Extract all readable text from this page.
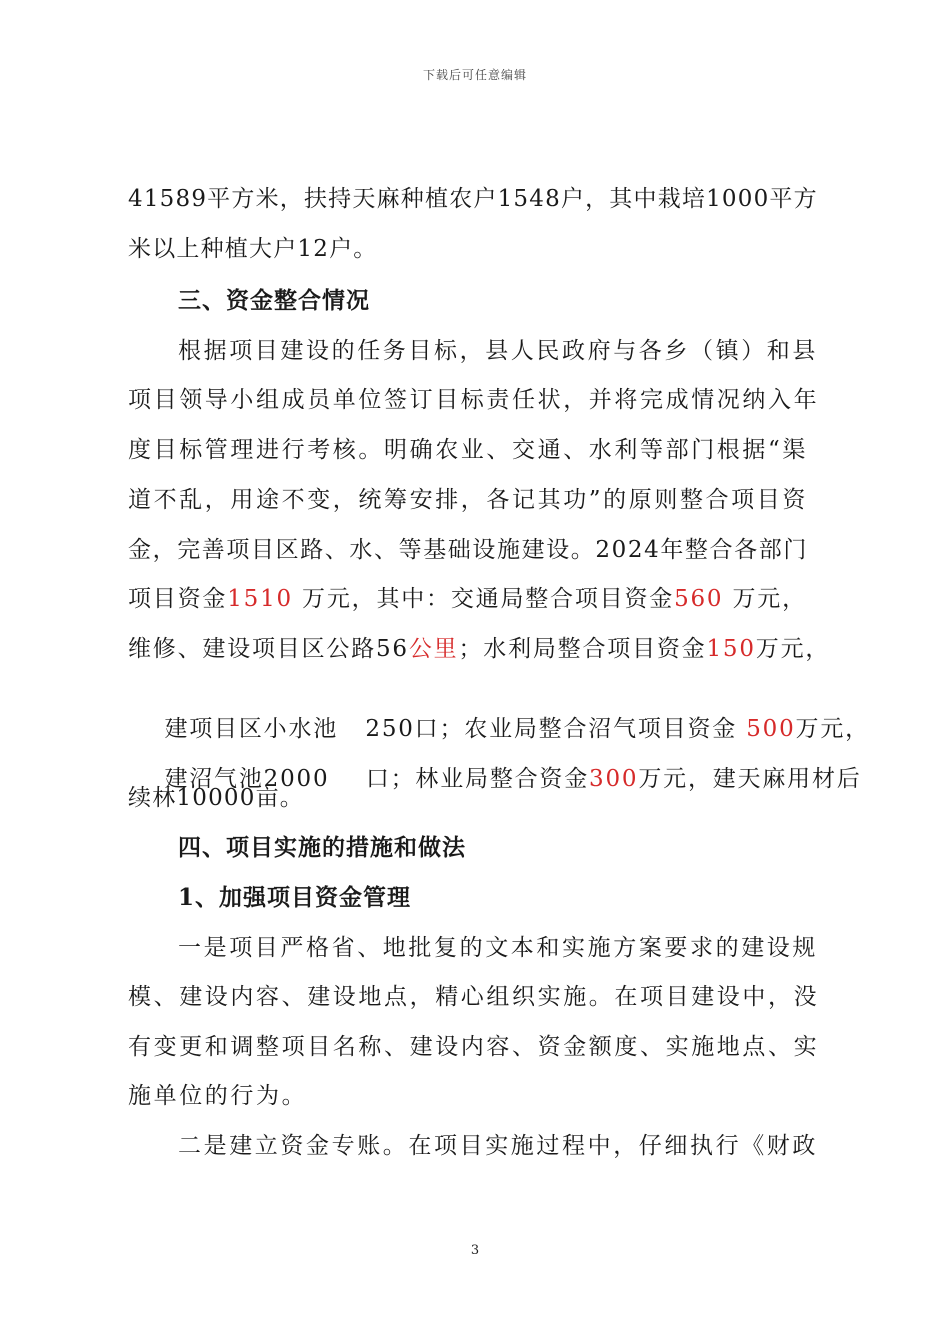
下载后可任意编辑
41589平方米，扶持天麻种植农户1548户，其中栽培1000平方
米以上种植大户12户。
三、资金整合情况
根据项目建设的任务目标，县人民政府与各乡（镇）和县
项目领导小组成员单位签订目标责任状，并将完成情况纳入年
度目标管理进行考核。明确农业、交通、水利等部门根据“渠
道不乱，用途不变，统筹安排，各记其功”的原则整合项目资
金，完善项目区路、水、等基础设施建设。2024年整合各部门
项目资金1510 万元，其中：交通局整合项目资金560 万元，
维修、建设项目区公路56公里；水利局整合项目资金150万元，

建项目区小水池   250口；农业局整合沼气项目资金 500万元，

建沼气池2000    口；林业局整合资金300万元，建天麻用材后

续林10000亩。
四、项目实施的措施和做法
1、加强项目资金管理
一是项目严格省、地批复的文本和实施方案要求的建设规
模、建设内容、建设地点，精心组织实施。在项目建设中，没
有变更和调整项目名称、建设内容、资金额度、实施地点、实
施单位的行为。
二是建立资金专账。在项目实施过程中，仔细执行《财政
3
